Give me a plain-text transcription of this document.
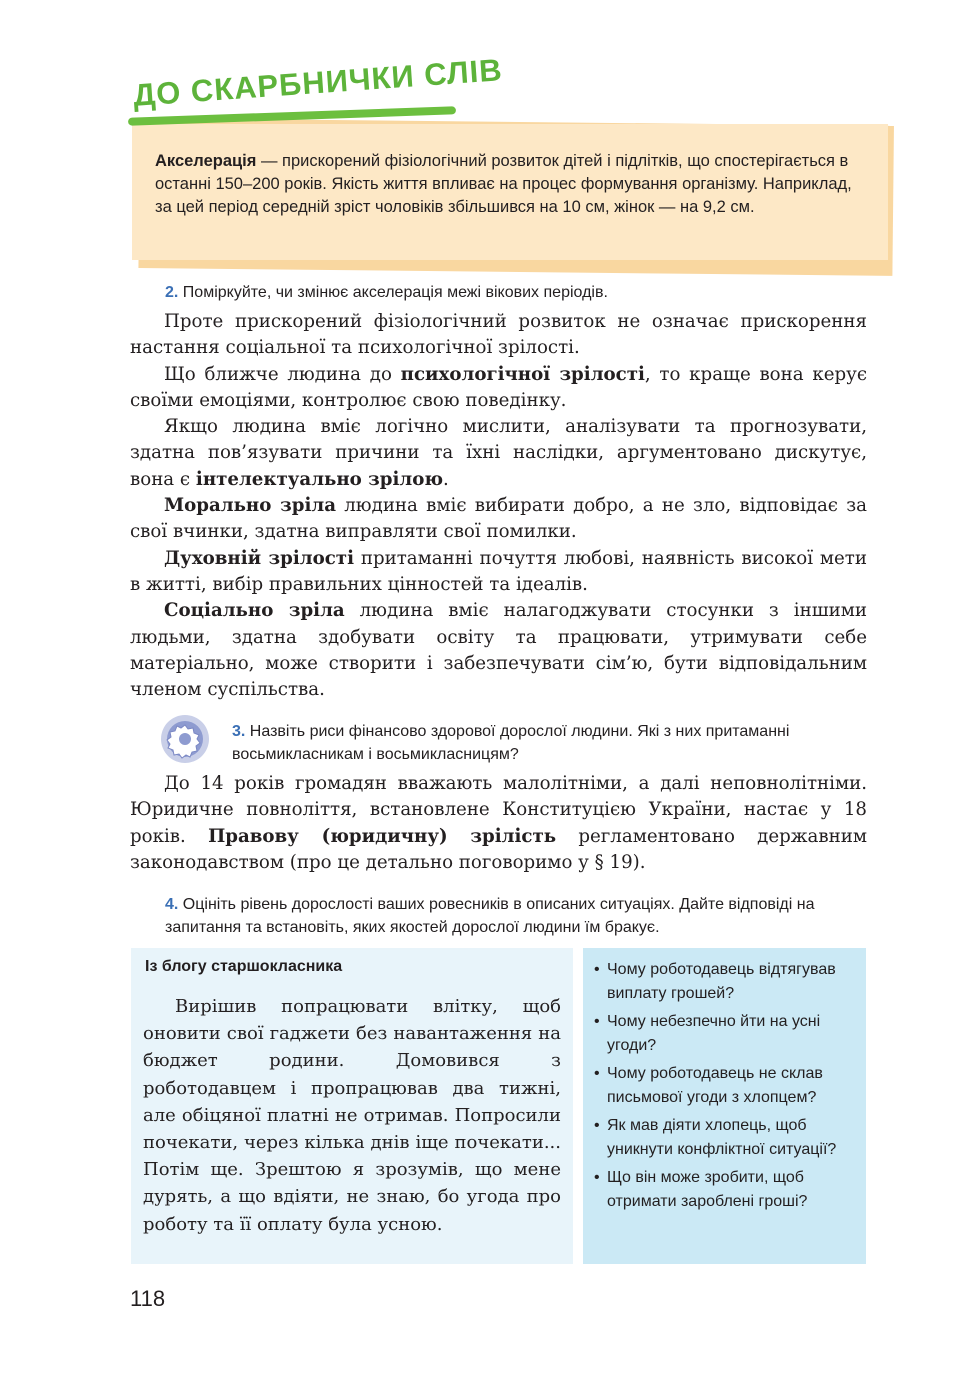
ДО СКАРБНИЧКИ СЛІВ
Акселерація — прискорений фізіологічний розвиток дітей і підлітків, що спостерігається в останні 150–200 років. Якість життя впливає на процес формування організму. Наприклад, за цей період середній зріст чоловіків збільшився на 10 см, жінок — на 9,2 см.
2. Поміркуйте, чи змінює акселерація межі вікових періодів.

Проте прискорений фізіологічний розвиток не означає прискорення настання соціальної та психологічної зрілості.

Що ближче людина до психологічної зрілості, то краще вона керує своїми емоціями, контролює свою поведінку.

Якщо людина вміє логічно мислити, аналізувати та прогнозувати, здатна пов’язувати причини та їхні наслідки, аргументовано дискутує, вона є інтелектуально зрілою.

Морально зріла людина вміє вибирати добро, а не зло, відповідає за свої вчинки, здатна виправляти свої помилки.

Духовній зрілості притаманні почуття любові, наявність високої мети в житті, вибір правильних цінностей та ідеалів.

Соціально зріла людина вміє налагоджувати стосунки з іншими людьми, здатна здобувати освіту та працювати, утримувати себе матеріально, може створити і забезпечувати сім’ю, бути відповідальним членом суспільства.

3. Назвіть риси фінансово здорової дорослої людини. Які з них притаманні восьмикласникам і восьмикласницям?

До 14 років громадян вважають малолітніми, а далі неповнолітніми. Юридичне повноліття, встановлене Конституцією України, настає у 18 років. Правову (юридичну) зрілість регламентовано державним законодавством (про це детально поговоримо у § 19).

4. Оцініть рівень дорослості ваших ровесників в описаних ситуаціях. Дайте відповіді на запитання та встановіть, яких якостей дорослої людини їм бракує.
Із блогу старшокласника

Вирішив попрацювати влітку, щоб оновити свої гаджети без навантаження на бюджет родини. Домовився з роботодавцем і пропрацював два тижні, але обіцяної платні не отримав. Попросили почекати, через кілька днів іще почекати... Потім ще. Зрештою я зрозумів, що мене дурять, а що вдіяти, не знаю, бо угода про роботу та її оплату була усною.

• Чому роботодавець відтягував виплату грошей?
• Чому небезпечно йти на усні угоди?
• Чому роботодавець не склав письмової угоди з хлопцем?
• Як мав діяти хлопець, щоб уникнути конфліктної ситуації?
• Що він може зробити, щоб отримати зароблені гроші?
118
